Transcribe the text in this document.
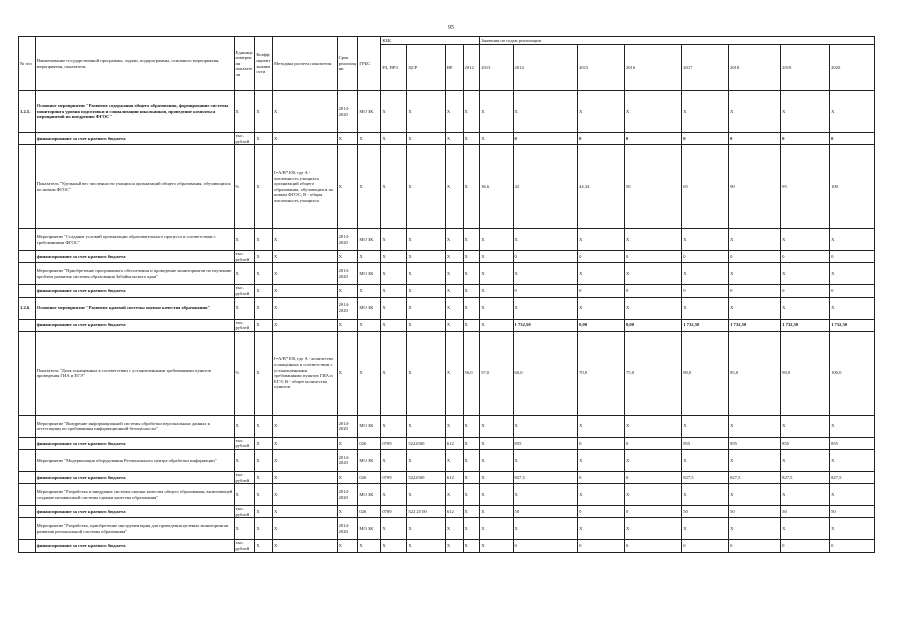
95
№ п/п	Наименование государственной программы, задачи, подпрограммы, основного мероприятия, мероприятия, показателя	Единица измерения показателя	Коэффициент значимости	Методика расчета показателя	Срок реализации	ГРБС	КБК				Значения по годам реализации							
							РЗ, ПРЗ	ЦСР	ВР	2012	2013	2014	2015	2016	2017	2018	2019	2020
1.2.5.	Основное мероприятие "Развитие содержания общего образования, формирование системы мониторинга уровня подготовки и социализации школьников, проведение комплекса мероприятий по внедрению ФГОС"	Х	Х	Х	2014-2020	МО ЗК	Х	Х	Х	Х	Х	Х	Х	Х	Х	Х	Х	Х
	финансирование за счет краевого бюджета	тыс. рублей	Х	Х	Х	Х	Х	Х	Х	Х	Х	0	0	0	0	0	0	0
	Показатель "Удельный вес численности учащихся организаций общего образования, обучающихся по новым ФГОС"	%	Х	I=A/B*100, где A - численность учащихся организаций общего образования, обучающихся по новым ФГОС; B - общая численность учащихся	Х	Х	Х	Х	Х	Х	36,6	42	44,34	50	65	90	95	100
	Мероприятие "Создание условий организации образовательного процесса в соответствии с требованиями ФГОС"	Х	Х	Х	2014-2020	МО ЗК	Х	Х	Х	Х	Х	Х	Х	Х	Х	Х	Х	Х
	финансирование за счет краевого бюджета	тыс. рублей	Х	Х	Х	Х	Х	Х	Х	Х	Х	0	0	0	0	0	0	0
	Мероприятие "Приобретение программного обеспечения и проведение мониторингов по изучению проблем развития системы образования Забайкальского края"	Х	Х	Х	2014-2020	МО ЗК	Х	Х	Х	Х	Х	Х	Х	Х	Х	Х	Х	Х
	финансирование за счет краевого бюджета	тыс. рублей	Х	Х	Х	Х	Х	Х	Х	Х	Х	0	0	0	0	0	0	0
1.2.6.	Основное мероприятие "Развитие краевой системы оценки качества образования"	Х	Х	Х	2014-2020	МО ЗК	Х	Х	Х	Х	Х	Х	Х	Х	Х	Х	Х	Х
	финансирование за счет краевого бюджета	тыс. рублей	Х	Х	Х	Х	Х	Х	Х	Х	Х	1 732,50	0,00	0,00	1 732,50	1 732,50	1 732,50	1 732,50
	Показатель "Доля оснащенных в соответствии с установленными требованиями пунктов проведения ГИА и ЕГЭ"	%	Х	I=A/B*100, где A - количество оснащенных в соответствии с установленными требованиями пунктов ГИА и ЕГЭ; B - общее количество пунктов	Х	Х	Х	Х	Х	56,0	57,0	60,0	70,0	75,0	80,0	85,0	90,0	100,0
	Мероприятие "Внедрение информационной системы обработки персональных данных к аттестациям по требованиям информационной безопасности"	Х	Х	Х	2014-2020	МО ЗК	Х	Х	Х	Х	Х	Х	Х	Х	Х	Х	Х	Х
	финансирование за счет краевого бюджета	тыс. рублей	Х	Х	Х	026	0709	5222500	612	Х	Х	855	0	0	855	855	855	855
	Мероприятие "Модернизация оборудования Регионального центра обработки информации"	Х	Х	Х	2014-2020	МО ЗК	Х	Х	Х	Х	Х	Х	Х	Х	Х	Х	Х	Х
	финансирование за счет краевого бюджета	тыс. рублей	Х	Х	Х	026	0709	5222500	612	Х	Х	827,5	0	0	827,5	827,5	827,5	827,5
	Мероприятие "Разработка и внедрение системы оценки качества общего образования, включающей создание независимой системы оценки качества образования"	Х	Х	Х	2014-2020	МО ЗК	Х	Х	Х	Х	Х	Х	Х	Х	Х	Х	Х	Х
	финансирование за счет краевого бюджета	тыс. рублей	Х	Х	Х	026	0709	522 25 00	612	Х	Х	50	0	0	50	50	50	50
	Мероприятие "Разработка, приобретение инструментария для проведения целевых мониторингов развития региональной системы образования"	Х	Х	Х	2014-2020	МО ЗК	Х	Х	Х	Х	Х	Х	Х	Х	Х	Х	Х	Х
	финансирование за счет краевого бюджета	тыс. рублей	Х	Х	Х	Х	Х	Х	Х	Х	Х	0	0	0	0	0	0	0
